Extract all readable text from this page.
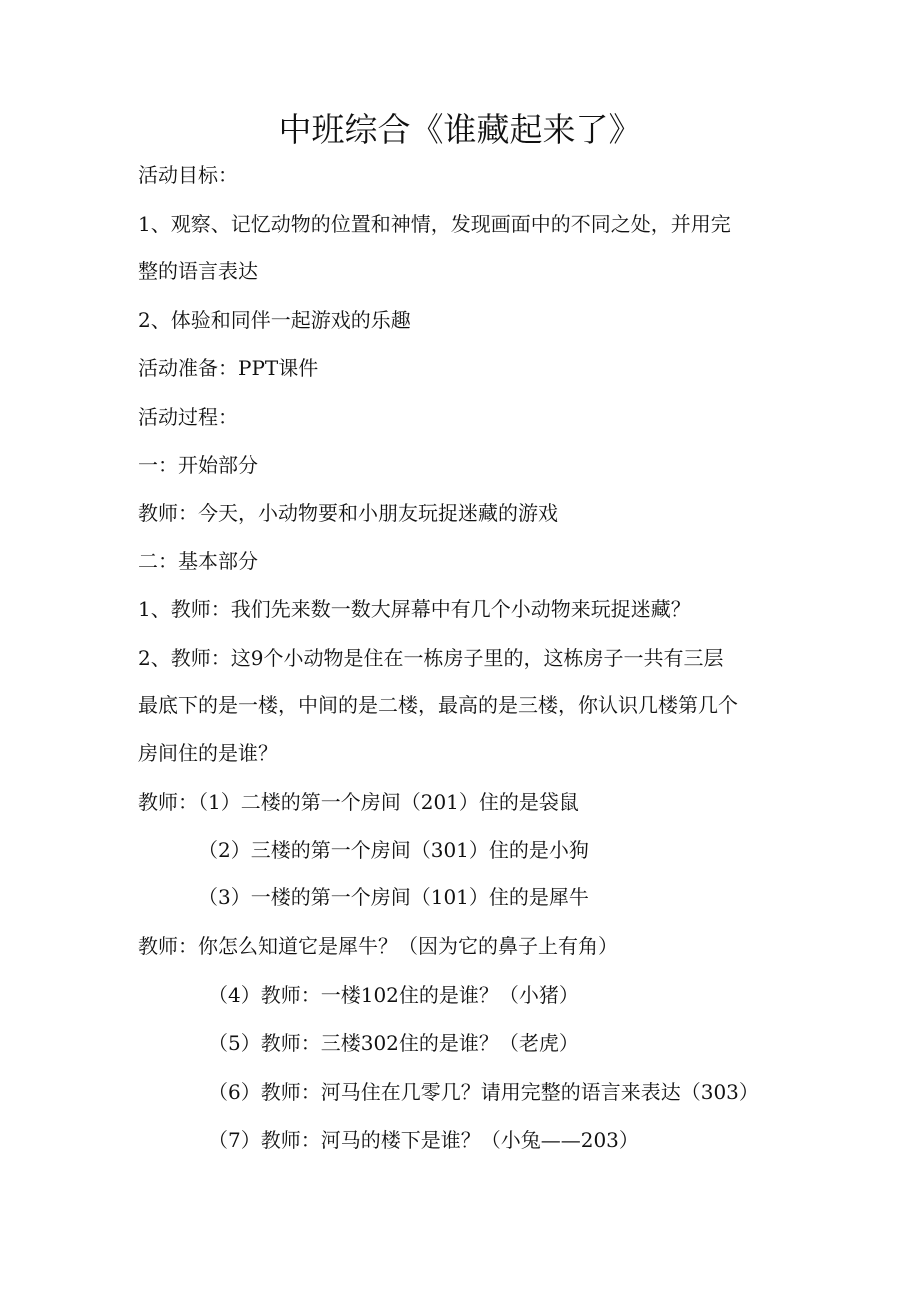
中班综合《谁藏起来了》
活动目标：
1、观察、记忆动物的位置和神情，发现画面中的不同之处，并用完
整的语言表达
2、体验和同伴一起游戏的乐趣
活动准备：PPT课件
活动过程：
一：开始部分
教师：今天，小动物要和小朋友玩捉迷藏的游戏
二：基本部分
1、教师：我们先来数一数大屏幕中有几个小动物来玩捉迷藏？
2、教师：这9个小动物是住在一栋房子里的，这栋房子一共有三层
最底下的是一楼，中间的是二楼，最高的是三楼，你认识几楼第几个
房间住的是谁？
教师：（1）二楼的第一个房间（201）住的是袋鼠
（2）三楼的第一个房间（301）住的是小狗
（3）一楼的第一个房间（101）住的是犀牛
教师：你怎么知道它是犀牛？（因为它的鼻子上有角）
（4）教师：一楼102住的是谁？（小猪）
（5）教师：三楼302住的是谁？（老虎）
（6）教师：河马住在几零几？请用完整的语言来表达（303）
（7）教师：河马的楼下是谁？（小兔——203）
